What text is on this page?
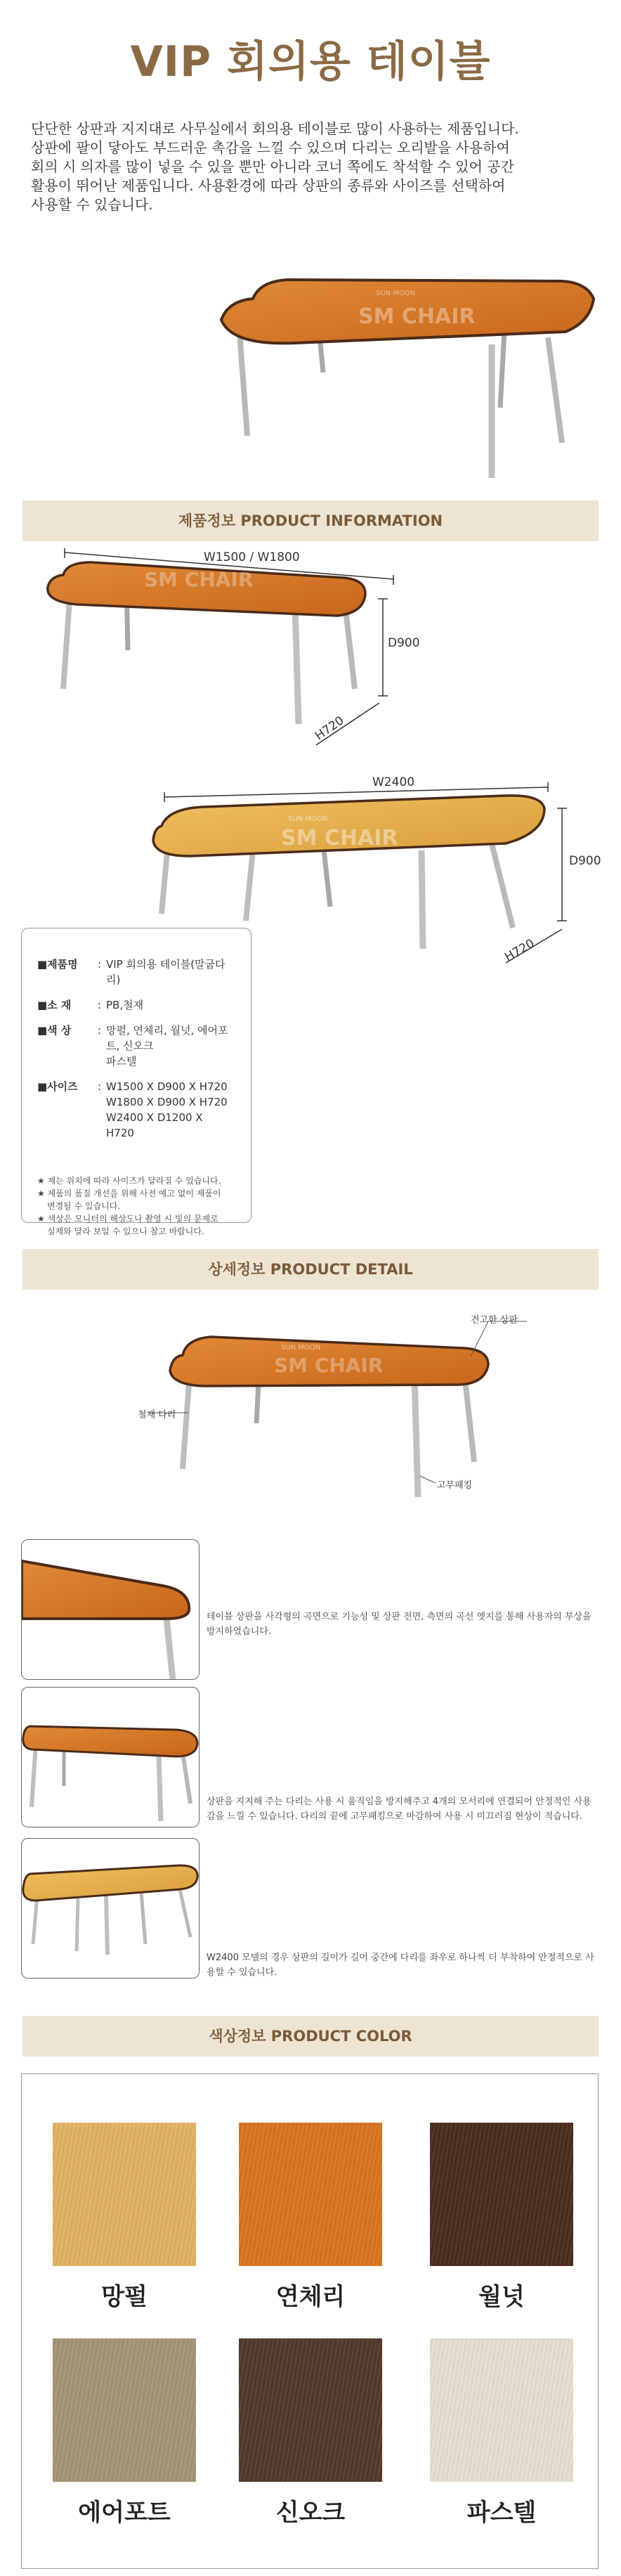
VIP 회의용 테이블
단단한 상판과 지지대로 사무실에서 회의용 테이블로 많이 사용하는 제품입니다.
상판에 팔이 닿아도 부드러운 촉감을 느낄 수 있으며 다리는 오리발을 사용하여
회의 시 의자를 많이 넣을 수 있을 뿐만 아니라 코너 쪽에도 착석할 수 있어 공간
활용이 뛰어난 제품입니다. 사용환경에 따라 상판의 종류와 사이즈를 선택하여
사용할 수 있습니다.
SUN MOON
SM CHAIR
제품정보 PRODUCT INFORMATION
W1500 / W1800
D900
H720
SM CHAIR
W2400
D900
H720
SUN MOON
SM CHAIR
■제품명	: VIP 회의용 테이블(말굽다리)
■소 재	: PB,철재
■색 상	: 망펄, 연체리, 월넛, 에어포트, 신오크
파스텔
■사이즈	: W1500 X D900 X H720
W1800 X D900 X H720
W2400 X D1200 X H720
★ 제는 위치에 따라 사이즈가 달라질 수 있습니다.
★ 제품의 품질 개선을 위해 사전 예고 없이 제품이
변경될 수 있습니다.
★ 색상은 모니터의 해상도나 촬영 시 빛의 문제로
실제와 달라 보일 수 있으니 참고 바랍니다.
상세정보 PRODUCT DETAIL
SUN MOON
SM CHAIR
견고한 상판
철재 다리
고무패킹
테이블 상판을 사각형의 곡면으로 기능성 및 상판 전면, 측면의 곡선 엣지를 통해 사용자의 부상을 방지하였습니다.
상판을 지지해 주는 다리는 사용 시 움직임을 방지해주고 4개의 모서리에 연결되어 안정적인 사용 감을 느낄 수 있습니다. 다리의 끝에 고무패킹으로 마감하여 사용 시 미끄러짐 현상이 적습니다.
W2400 모델의 경우 상판의 길이가 길어 중간에 다리를 좌우로 하나씩 더 부착하여 안정적으로 사용할 수 있습니다.
색상정보 PRODUCT COLOR
망펄	연체리	월넛
에어포트	신오크	파스텔
